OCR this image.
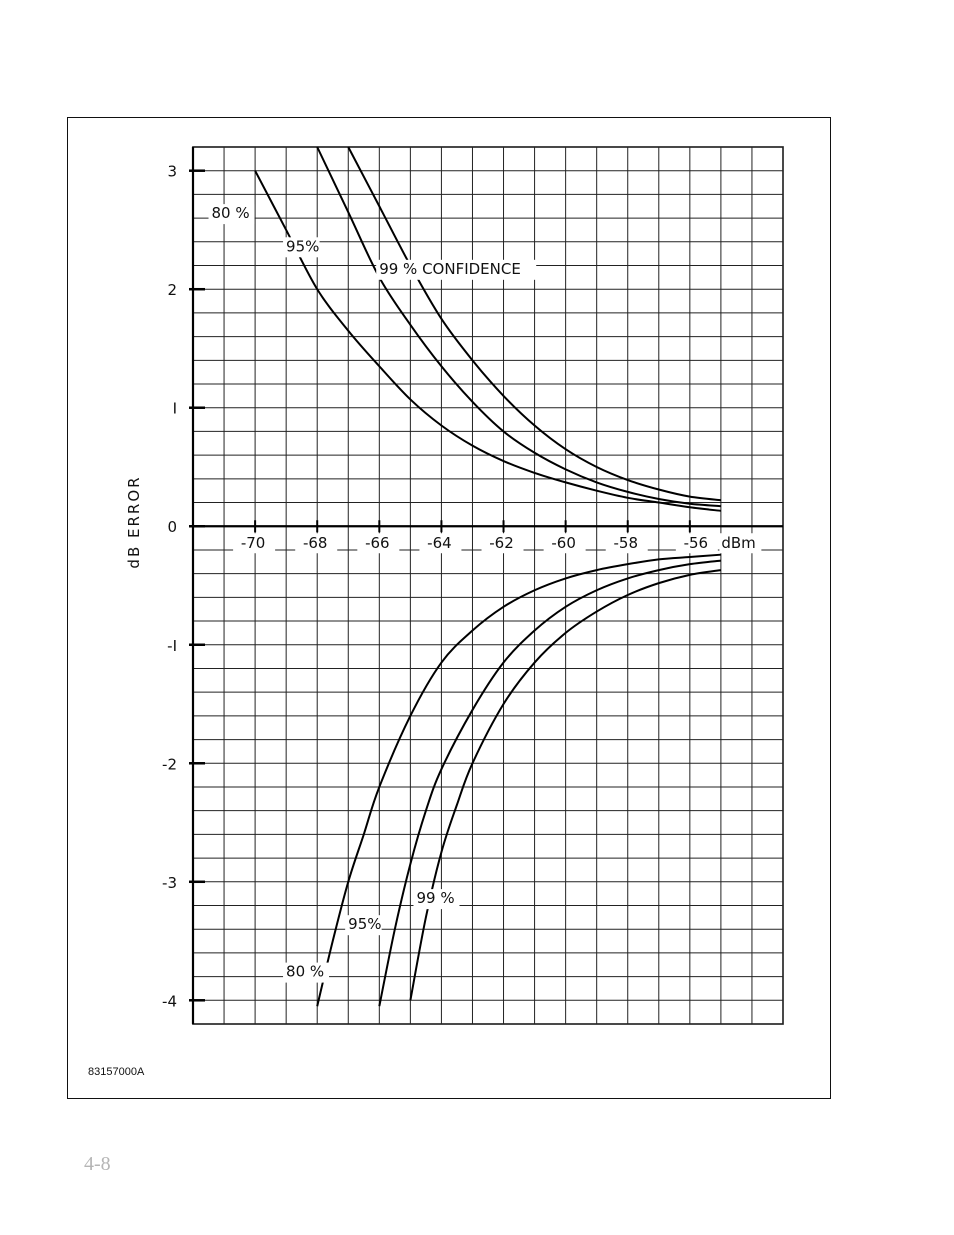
3
2
I
0
-I
-2
-3
-4
dB ERROR	-70	-68	-66	-64	-62	-60	-58	-56 dBm
80 %
95%
99 % CONFIDENCE
99 %
95%
80 %
83157000A
4-8
